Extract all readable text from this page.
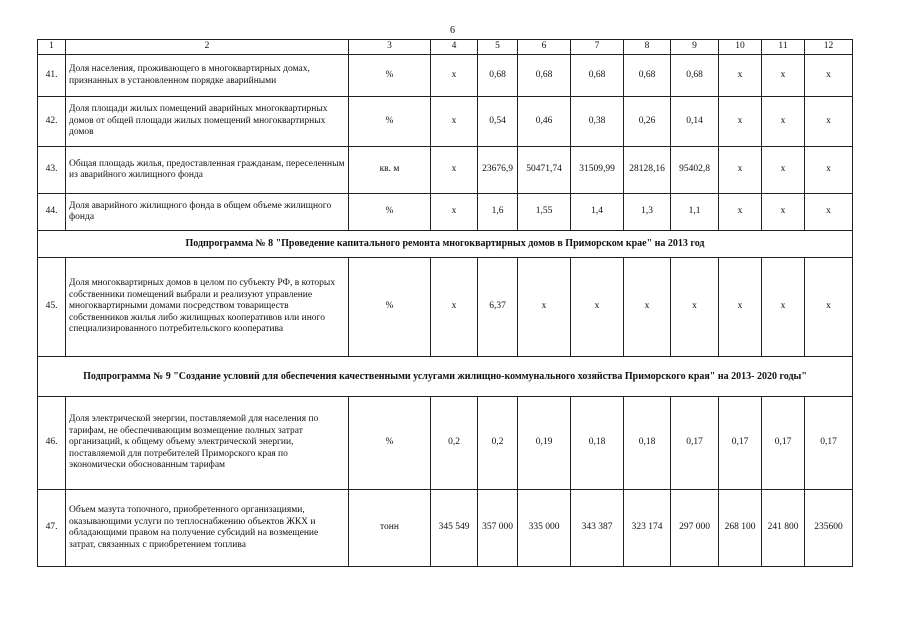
6
1	2	3	4	5	6	7	8	9	10	11	12
41.	Доля населения, проживающего в многоквартирных домах, признанных в установленном порядке аварийными	%	х	0,68	0,68	0,68	0,68	0,68	х	х	х
42.	Доля площади жилых помещений аварийных многоквартирных домов от общей площади жилых помещений многоквартирных домов	%	х	0,54	0,46	0,38	0,26	0,14	х	х	х
43.	Общая площадь жилья, предоставленная гражданам, переселенным из аварийного жилищного фонда	кв. м	х	23676,9	50471,74	31509,99	28128,16	95402,8	х	х	х
44.	Доля аварийного жилищного фонда в общем объеме жилищного фонда	%	х	1,6	1,55	1,4	1,3	1,1	х	х	х
Подпрограмма № 8 "Проведение капитального ремонта многоквартирных домов в Приморском крае" на 2013 год											
45.	Доля многоквартирных домов в целом по субъекту РФ, в которых собственники помещений выбрали и реализуют управление многоквартирными домами посредством товариществ собственников жилья либо жилищных кооперативов или иного специализированного потребительского кооператива	%	х	6,37	х	х	х	х	х	х	х
Подпрограмма № 9 "Создание условий для обеспечения качественными услугами жилищно-коммунального хозяйства Приморского края" на 2013- 2020 годы"											
46.	Доля электрической энергии, поставляемой для населения по тарифам, не обеспечивающим возмещение полных затрат организаций, к общему объему электрической энергии, поставляемой для потребителей Приморского края по экономически обоснованным тарифам	%	0,2	0,2	0,19	0,18	0,18	0,17	0,17	0,17	0,17
47.	Объем мазута топочного, приобретенного организациями, оказывающими услуги по теплоснабжению объектов ЖКХ и обладающими правом на получение субсидий на возмещение затрат, связанных с приобретением топлива	тонн	345 549	357 000	335 000	343 387	323 174	297 000	268 100	241 800	235600
